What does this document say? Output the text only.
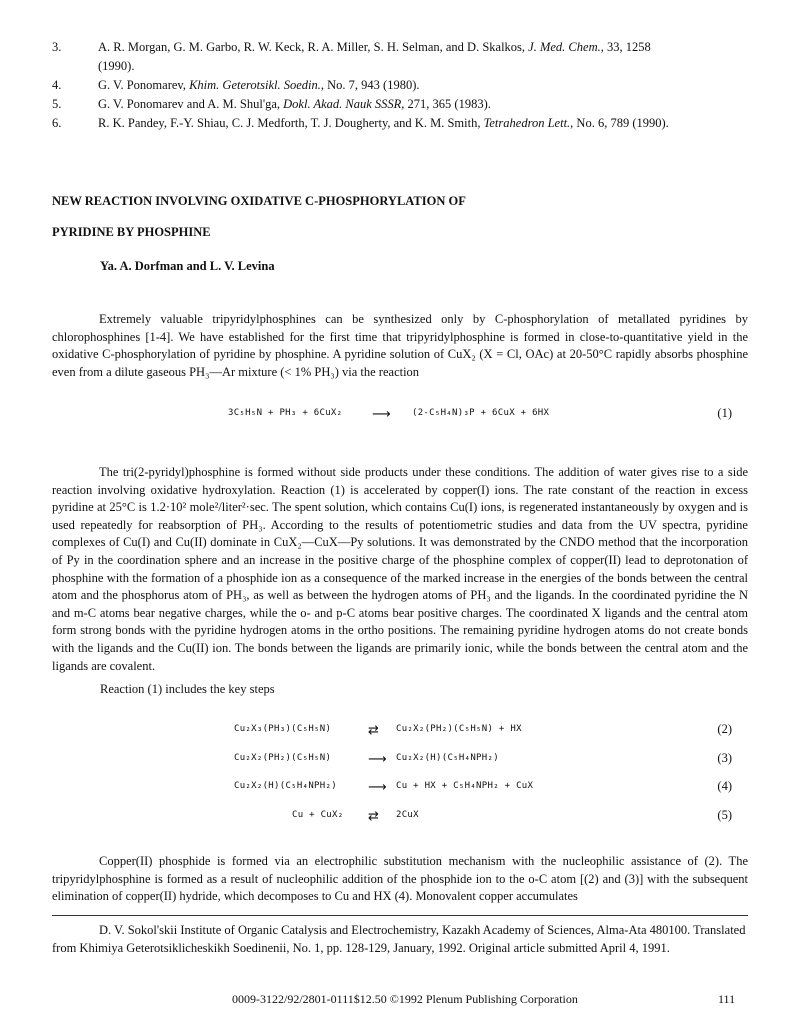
3.	A. R. Morgan, G. M. Garbo, R. W. Keck, R. A. Miller, S. H. Selman, and D. Skalkos, J. Med. Chem., 33, 1258
(1990).
4.	G. V. Ponomarev, Khim. Geterotsikl. Soedin., No. 7, 943 (1980).
5.	G. V. Ponomarev and A. M. Shul'ga, Dokl. Akad. Nauk SSSR, 271, 365 (1983).
6.	R. K. Pandey, F.-Y. Shiau, C. J. Medforth, T. J. Dougherty, and K. M. Smith, Tetrahedron Lett., No. 6, 789 (1990).
NEW REACTION INVOLVING OXIDATIVE C-PHOSPHORYLATION OF
PYRIDINE BY PHOSPHINE
Ya. A. Dorfman and L. V. Levina

Extremely valuable tripyridylphosphines can be synthesized only by C-phosphorylation of metallated pyridines by chlorophosphines [1-4]. We have established for the first time that tripyridylphosphine is formed in close-to-quantitative yield in the oxidative C-phosphorylation of pyridine by phosphine. A pyridine solution of CuX₂ (X = Cl, OAc) at 20-50°C rapidly absorbs phosphine even from a dilute gaseous PH₃—Ar mixture (< 1% PH₃) via the reaction

3C₅H₅N + PH₃ + 6CuX₂ ⟶ (2-C₅H₄N)₃P + 6CuX + 6HX	(1)

The tri(2-pyridyl)phosphine is formed without side products under these conditions. The addition of water gives rise to a side reaction involving oxidative hydroxylation. Reaction (1) is accelerated by copper(I) ions. The rate constant of the reaction in excess pyridine at 25°C is 1.2·10² mole²/liter²·sec. The spent solution, which contains Cu(I) ions, is regenerated instantaneously by oxygen and is used repeatedly for reabsorption of PH₃. According to the results of potentiometric studies and data from the UV spectra, pyridine complexes of Cu(I) and Cu(II) dominate in CuX₂—CuX—Py solutions. It was demonstrated by the CNDO method that the incorporation of Py in the coordination sphere and an increase in the positive charge of the phosphine complex of copper(II) lead to deprotonation of phosphine with the formation of a phosphide ion as a consequence of the marked increase in the energies of the bonds between the central atom and the phosphorus atom of PH₃, as well as between the hydrogen atoms of PH₃ and the ligands. In the coordinated pyridine the N and m-C atoms bear negative charges, while the o- and p-C atoms bear positive charges. The coordinated X ligands and the central atom form strong bonds with the pyridine hydrogen atoms in the ortho positions. The remaining pyridine hydrogen atoms do not create bonds with the ligands and the Cu(II) ion. The bonds between the ligands are primarily ionic, while the bonds between the central atom and the ligands are covalent.

Reaction (1) includes the key steps
Cu₂X₃(PH₃)(C₅H₅N)	⇄ Cu₂X₂(PH₂)(C₅H₅N) + HX	(2)
Cu₂X₂(PH₂)(C₅H₅N)	⟶ Cu₂X₂(H)(C₅H₄NPH₂)	(3)
Cu₂X₂(H)(C₅H₄NPH₂) ⟶ Cu + HX + C₅H₄NPH₂ + CuX	(4)
Cu + CuX₂ ⇄ 2CuX	(5)

Copper(II) phosphide is formed via an electrophilic substitution mechanism with the nucleophilic assistance of (2). The tripyridylphosphine is formed as a result of nucleophilic addition of the phosphide ion to the o-C atom [(2) and (3)] with the subsequent elimination of copper(II) hydride, which decomposes to Cu and HX (4). Monovalent copper accumulates

D. V. Sokol'skii Institute of Organic Catalysis and Electrochemistry, Kazakh Academy of Sciences, Alma-Ata 480100. Translated from Khimiya Geterotsiklicheskikh Soedinenii, No. 1, pp. 128-129, January, 1992. Original article submitted April 4, 1991.

0009-3122/92/2801-0111$12.50 ©1992 Plenum Publishing Corporation	111
